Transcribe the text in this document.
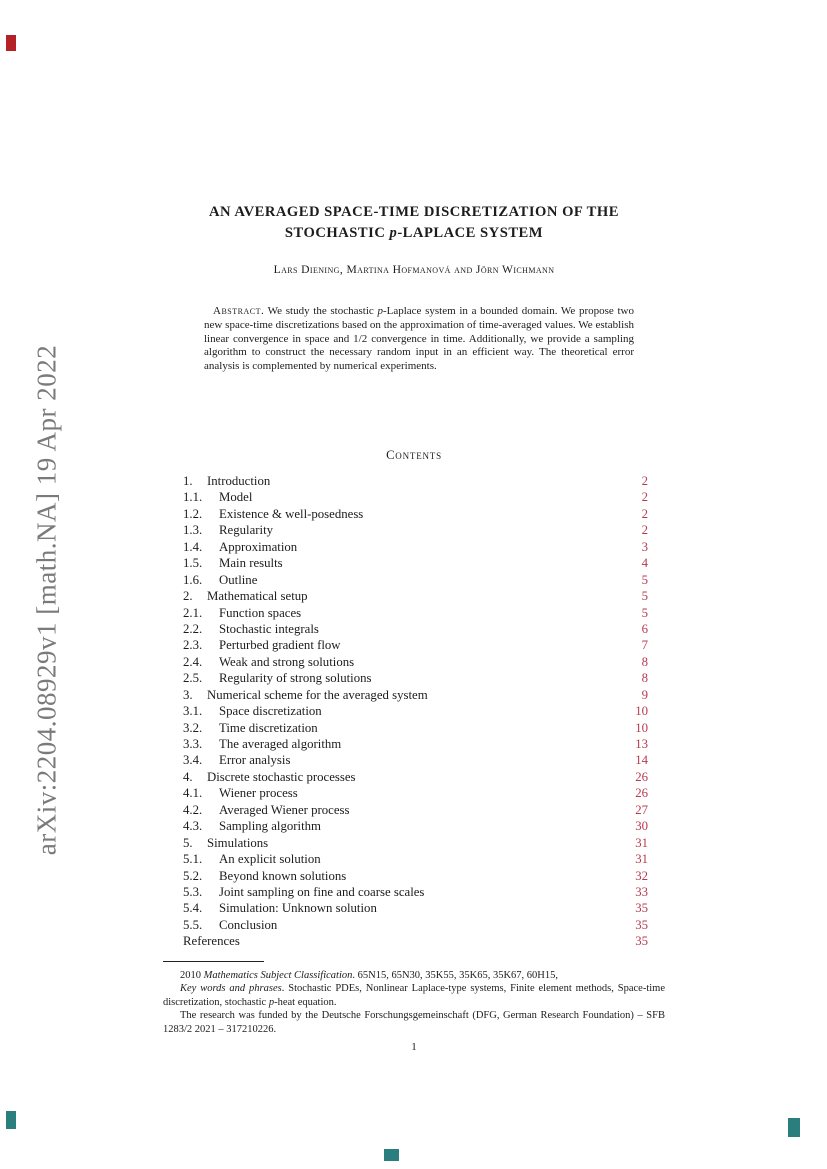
arXiv:2204.08929v1 [math.NA] 19 Apr 2022
AN AVERAGED SPACE-TIME DISCRETIZATION OF THE
STOCHASTIC p-LAPLACE SYSTEM
Lars Diening, Martina Hofmanová and Jörn Wichmann
Abstract. We study the stochastic p-Laplace system in a bounded domain. We propose two new space-time discretizations based on the approximation of time-averaged values. We establish linear convergence in space and 1/2 convergence in time. Additionally, we provide a sampling algorithm to construct the necessary random input in an efficient way. The theoretical error analysis is complemented by numerical experiments.
Contents
1.	Introduction	2
1.1.	Model	2
1.2.	Existence & well-posedness	2
1.3.	Regularity	2
1.4.	Approximation	3
1.5.	Main results	4
1.6.	Outline	5
2.	Mathematical setup	5
2.1.	Function spaces	5
2.2.	Stochastic integrals	6
2.3.	Perturbed gradient flow	7
2.4.	Weak and strong solutions	8
2.5.	Regularity of strong solutions	8
3.	Numerical scheme for the averaged system	9
3.1.	Space discretization	10
3.2.	Time discretization	10
3.3.	The averaged algorithm	13
3.4.	Error analysis	14
4.	Discrete stochastic processes	26
4.1.	Wiener process	26
4.2.	Averaged Wiener process	27
4.3.	Sampling algorithm	30
5.	Simulations	31
5.1.	An explicit solution	31
5.2.	Beyond known solutions	32
5.3.	Joint sampling on fine and coarse scales	33
5.4.	Simulation: Unknown solution	35
5.5.	Conclusion	35
References	35

2010 Mathematics Subject Classification. 65N15, 65N30, 35K55, 35K65, 35K67, 60H15,

Key words and phrases. Stochastic PDEs, Nonlinear Laplace-type systems, Finite element methods, Space-time discretization, stochastic p-heat equation.

The research was funded by the Deutsche Forschungsgemeinschaft (DFG, German Research Foundation) – SFB 1283/2 2021 – 317210226.

1
